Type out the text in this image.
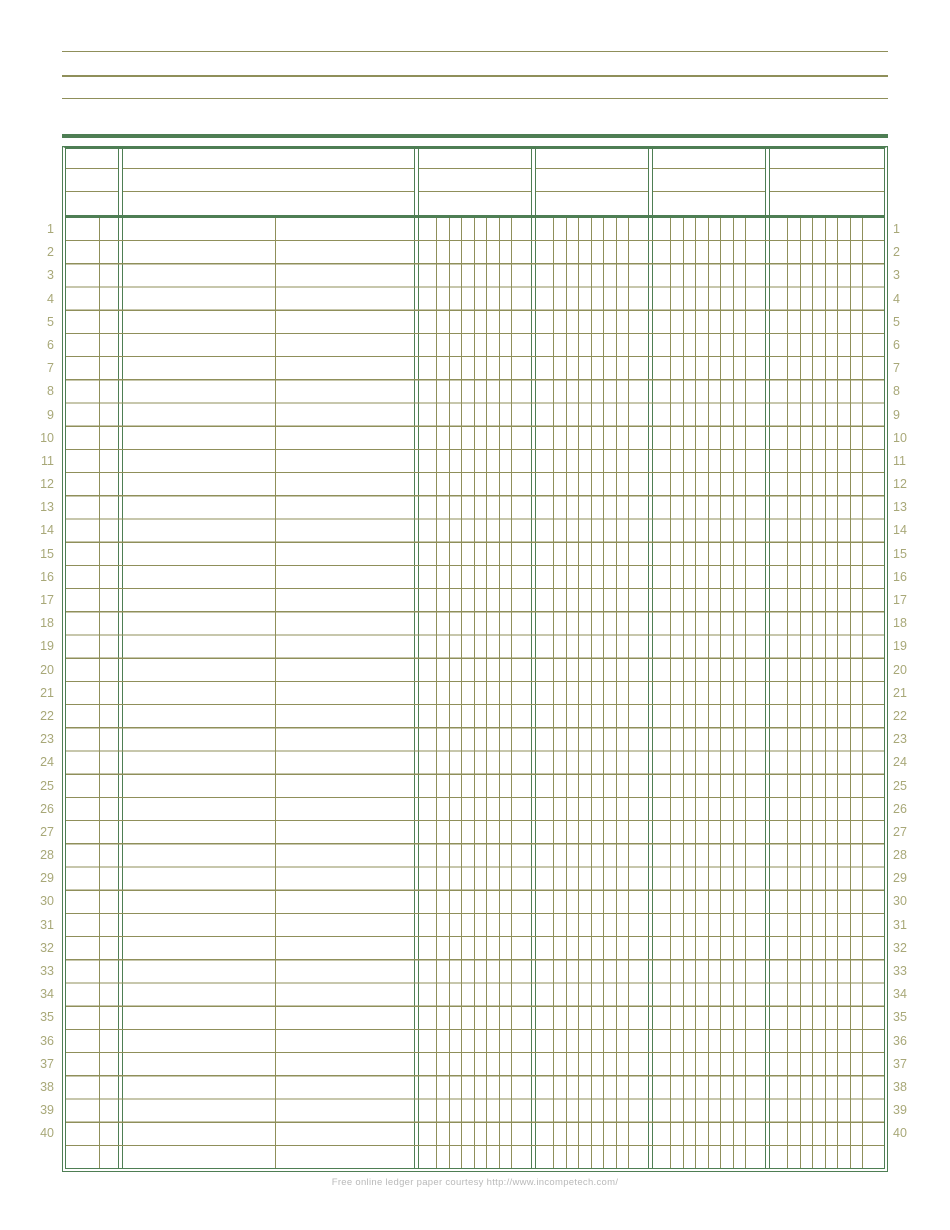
1
2
3
4
5
6
7
8
9
10
11
12
13
14
15
16
17
18
19
20
21
22
23
24
25
26
27
28
29
30
31
32
33
34
35
36
37
38
39
40
1
2
3
4
5
6
7
8
9
10
11
12
13
14
15
16
17
18
19
20
21
22
23
24
25
26
27
28
29
30
31
32
33
34
35
36
37
38
39
40
Free online ledger paper courtesy http://www.incompetech.com/
